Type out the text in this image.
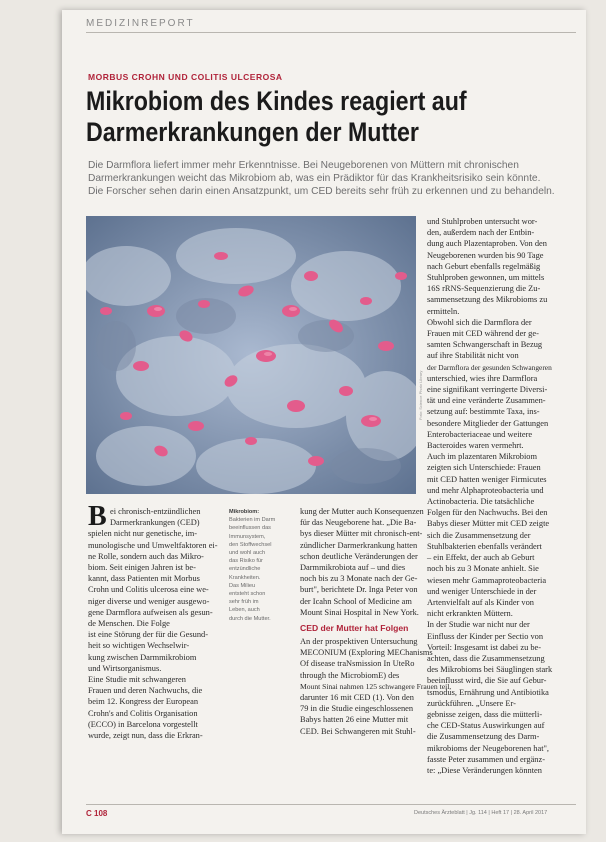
MEDIZINREPORT
MORBUS CROHN UND COLITIS ULCEROSA
Mikrobiom des Kindes reagiert auf
Darmerkrankungen der Mutter

Die Darmflora liefert immer mehr Erkenntnisse. Bei Neugeborenen von Müttern mit chronischen

Darmerkrankungen weicht das Mikrobiom ab, was ein Prädiktor für das Krankheitsrisiko sein könnte.

Die Forscher sehen darin einen Ansatzpunkt, um CED bereits sehr früh zu erkennen und zu behandeln.

Foto: Science Photo Library
B ei chronisch-entzündlichen

Darmerkrankungen (CED)

spielen nicht nur genetische, im-

munologische und Umweltfaktoren ei-

ne Rolle, sondern auch das Mikro-

biom. Seit einigen Jahren ist be-

kannt, dass Patienten mit Morbus

Crohn und Colitis ulcerosa eine we-

niger diverse und weniger ausgewo-

gene Darmflora aufweisen als gesun-

de Menschen. Die Folge

ist eine Störung der für die Gesund-

heit so wichtigen Wechselwir-

kung zwischen Darmmikrobiom

und Wirtsorganismus.

Eine Studie mit schwangeren

Frauen und deren Nachwuchs, die

beim 12. Kongress der European

Crohn's and Colitis Organisation

(ECCO) in Barcelona vorgestellt

wurde, zeigt nun, dass die Erkran-

Mikrobiom:

Bakterien im Darm

beeinflussen das

Immunsystem,

den Stoffwechsel

und wohl auch

das Risiko für

entzündliche

Krankheiten.

Das Milieu

entsteht schon

sehr früh im

Leben, auch

durch die Mutter.

kung der Mutter auch Konsequenzen

für das Neugeborene hat. „Die Ba-

bys dieser Mütter mit chronisch-ent-

zündlicher Darmerkrankung hatten

schon deutliche Veränderungen der

Darmmikrobiota auf – und dies

noch bis zu 3 Monate nach der Ge-

burt", berichtete Dr. Inga Peter von

der Icahn School of Medicine am

Mount Sinai Hospital in New York.

CED der Mutter hat Folgen

An der prospektiven Untersuchung

MECONIUM (Exploring MEChanisms

Of disease traNsmission In UteRo

through the MicrobiomE) des

Mount Sinai nahmen 125 schwangere Frauen teil,

darunter 16 mit CED (1). Von den

79 in die Studie eingeschlossenen

Babys hatten 26 eine Mutter mit

CED. Bei Schwangeren mit Stuhl-

und Stuhlproben untersucht wor-

den, außerdem nach der Entbin-

dung auch Plazentaproben. Von den

Neugeborenen wurden bis 90 Tage

nach Geburt ebenfalls regelmäßig

Stuhlproben gewonnen, um mittels

16S rRNS-Sequenzierung die Zu-

sammensetzung des Mikrobioms zu

ermitteln.

Obwohl sich die Darmflora der

Frauen mit CED während der ge-

samten Schwangerschaft in Bezug

auf ihre Stabilität nicht von

der Darmflora der gesunden Schwangeren

unterschied, wies ihre Darmflora

eine signifikant verringerte Diversi-

tät und eine veränderte Zusammen-

setzung auf: bestimmte Taxa, ins-

besondere Mitglieder der Gattungen

Enterobacteriaceae und weitere

Bacteroides waren vermehrt.

Auch im plazentaren Mikrobiom

zeigten sich Unterschiede: Frauen

mit CED hatten weniger Firmicutes

und mehr Alphaproteobacteria und

Actinobacteria. Die tatsächliche

Folgen für den Nachwuchs. Bei den

Babys dieser Mütter mit CED zeigte

sich die Zusammensetzung der

Stuhlbakterien ebenfalls verändert

– ein Effekt, der auch ab Geburt

noch bis zu 3 Monate anhielt. Sie

wiesen mehr Gammaproteobacteria

und weniger Unterschiede in der

Artenvielfalt auf als Kinder von

nicht erkrankten Müttern.

In der Studie war nicht nur der

Einfluss der Kinder per Sectio von

Vorteil: Insgesamt ist dabei zu be-

achten, dass die Zusammensetzung

des Mikrobioms bei Säuglingen stark

beeinflusst wird, die Sie auf Gebur-

tsmodus, Ernährung und Antibiotika

zurückführen. „Unsere Er-

gebnisse zeigen, dass die mütterli-

che CED-Status Auswirkungen auf

die Zusammensetzung des Darm-

mikrobioms der Neugeborenen hat",

fasste Peter zusammen und ergänz-

te: „Diese Veränderungen könnten

C 108	Deutsches Ärzteblatt | Jg. 114 | Heft 17 | 28. April 2017
